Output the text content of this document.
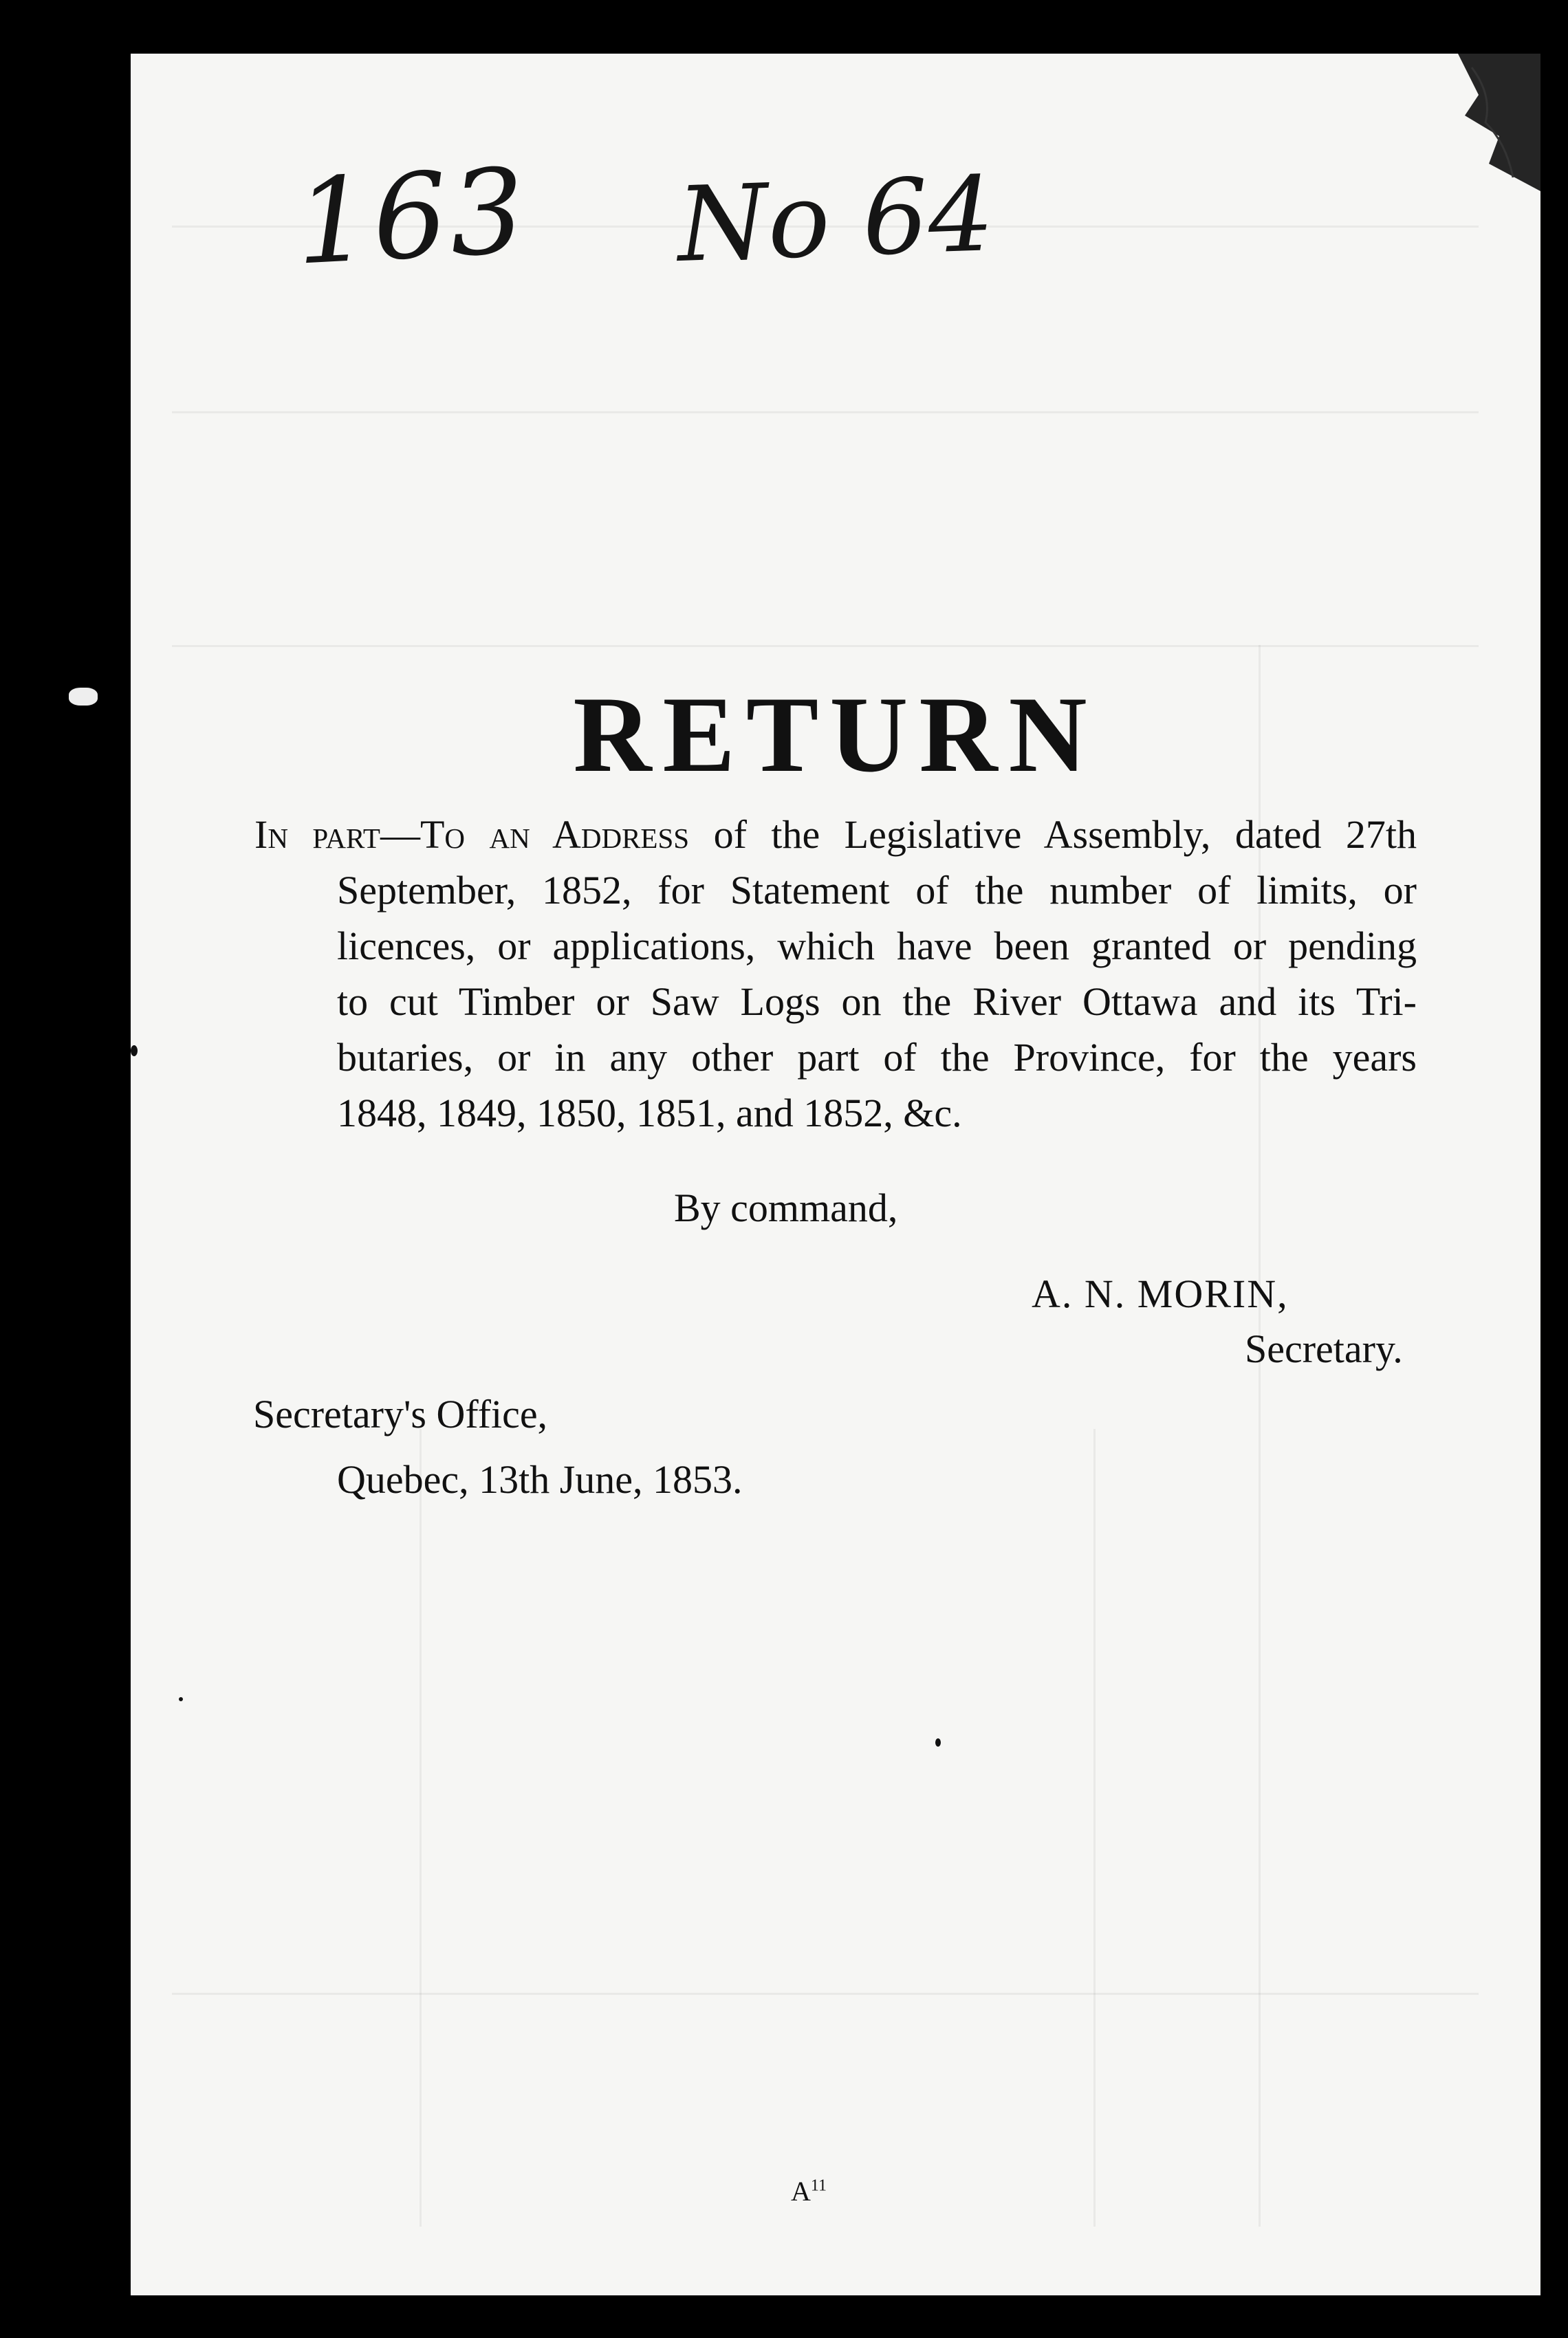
163 No 64
RETURN
In part—To an Address of the Legislative Assembly, dated 27th
September, 1852, for Statement of the number of limits, or
licences, or applications, which have been granted or pending
to cut Timber or Saw Logs on the River Ottawa and its Tri-
butaries, or in any other part of the Province, for the years
1848, 1849, 1850, 1851, and 1852, &c.
By command,
A. N. MORIN,
Secretary.
Secretary's Office,
Quebec, 13th June, 1853.
$A^{11}$
